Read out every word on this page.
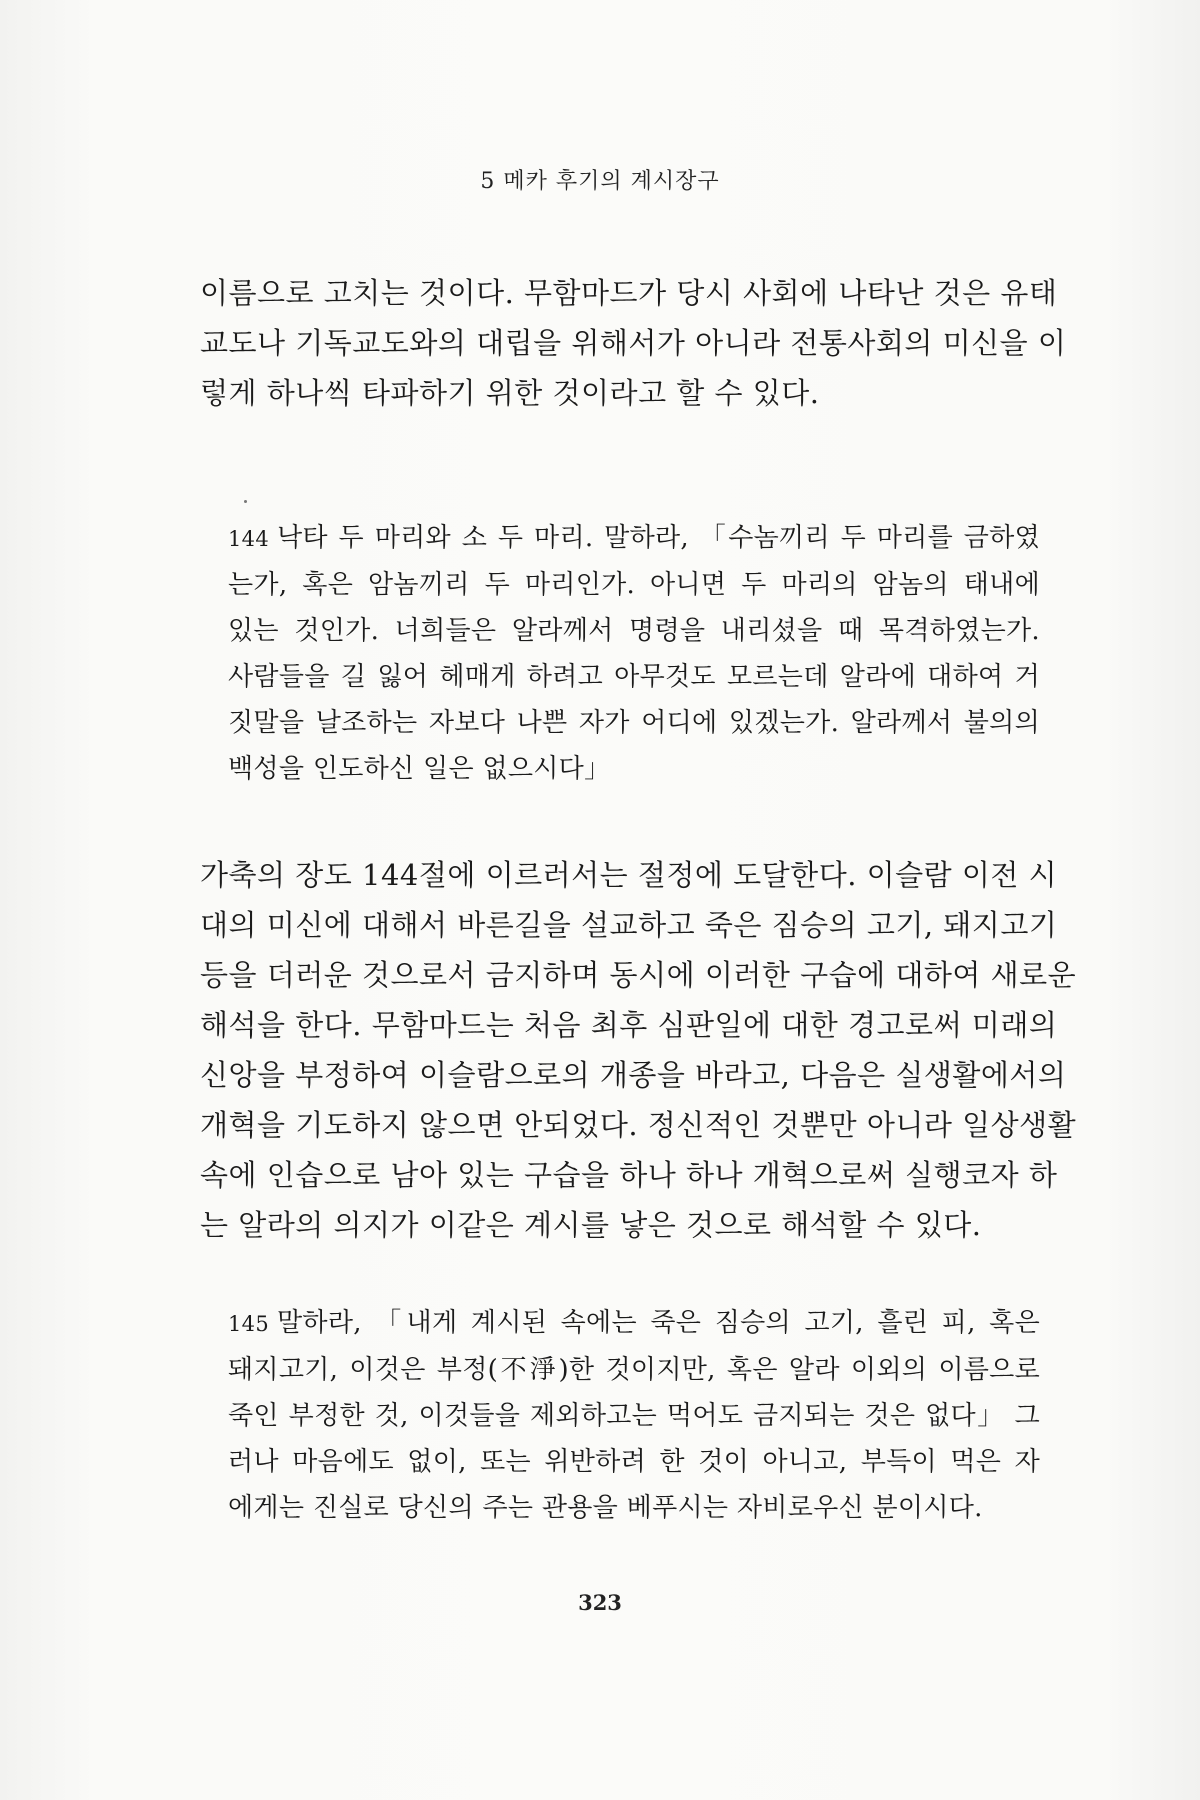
5 메카 후기의 계시장구
이름으로 고치는 것이다. 무함마드가 당시 사회에 나타난 것은 유태
교도나 기독교도와의 대립을 위해서가 아니라 전통사회의 미신을 이
렇게 하나씩 타파하기 위한 것이라고 할 수 있다.
144 낙타 두 마리와 소 두 마리. 말하라, 「수놈끼리 두 마리를 금하였
는가, 혹은 암놈끼리 두 마리인가. 아니면 두 마리의 암놈의 태내에
있는 것인가. 너희들은 알라께서 명령을 내리셨을 때 목격하였는가.
사람들을 길 잃어 헤매게 하려고 아무것도 모르는데 알라에 대하여 거
짓말을 날조하는 자보다 나쁜 자가 어디에 있겠는가. 알라께서 불의의
백성을 인도하신 일은 없으시다」
가축의 장도 144절에 이르러서는 절정에 도달한다. 이슬람 이전 시
대의 미신에 대해서 바른길을 설교하고 죽은 짐승의 고기, 돼지고기
등을 더러운 것으로서 금지하며 동시에 이러한 구습에 대하여 새로운
해석을 한다. 무함마드는 처음 최후 심판일에 대한 경고로써 미래의
신앙을 부정하여 이슬람으로의 개종을 바라고, 다음은 실생활에서의
개혁을 기도하지 않으면 안되었다. 정신적인 것뿐만 아니라 일상생활
속에 인습으로 남아 있는 구습을 하나 하나 개혁으로써 실행코자 하
는 알라의 의지가 이같은 계시를 낳은 것으로 해석할 수 있다.
145 말하라, 「내게 계시된 속에는 죽은 짐승의 고기, 흘린 피, 혹은
돼지고기, 이것은 부정(不淨)한 것이지만, 혹은 알라 이외의 이름으로
죽인 부정한 것, 이것들을 제외하고는 먹어도 금지되는 것은 없다」 그
러나 마음에도 없이, 또는 위반하려 한 것이 아니고, 부득이 먹은 자
에게는 진실로 당신의 주는 관용을 베푸시는 자비로우신 분이시다.
323
